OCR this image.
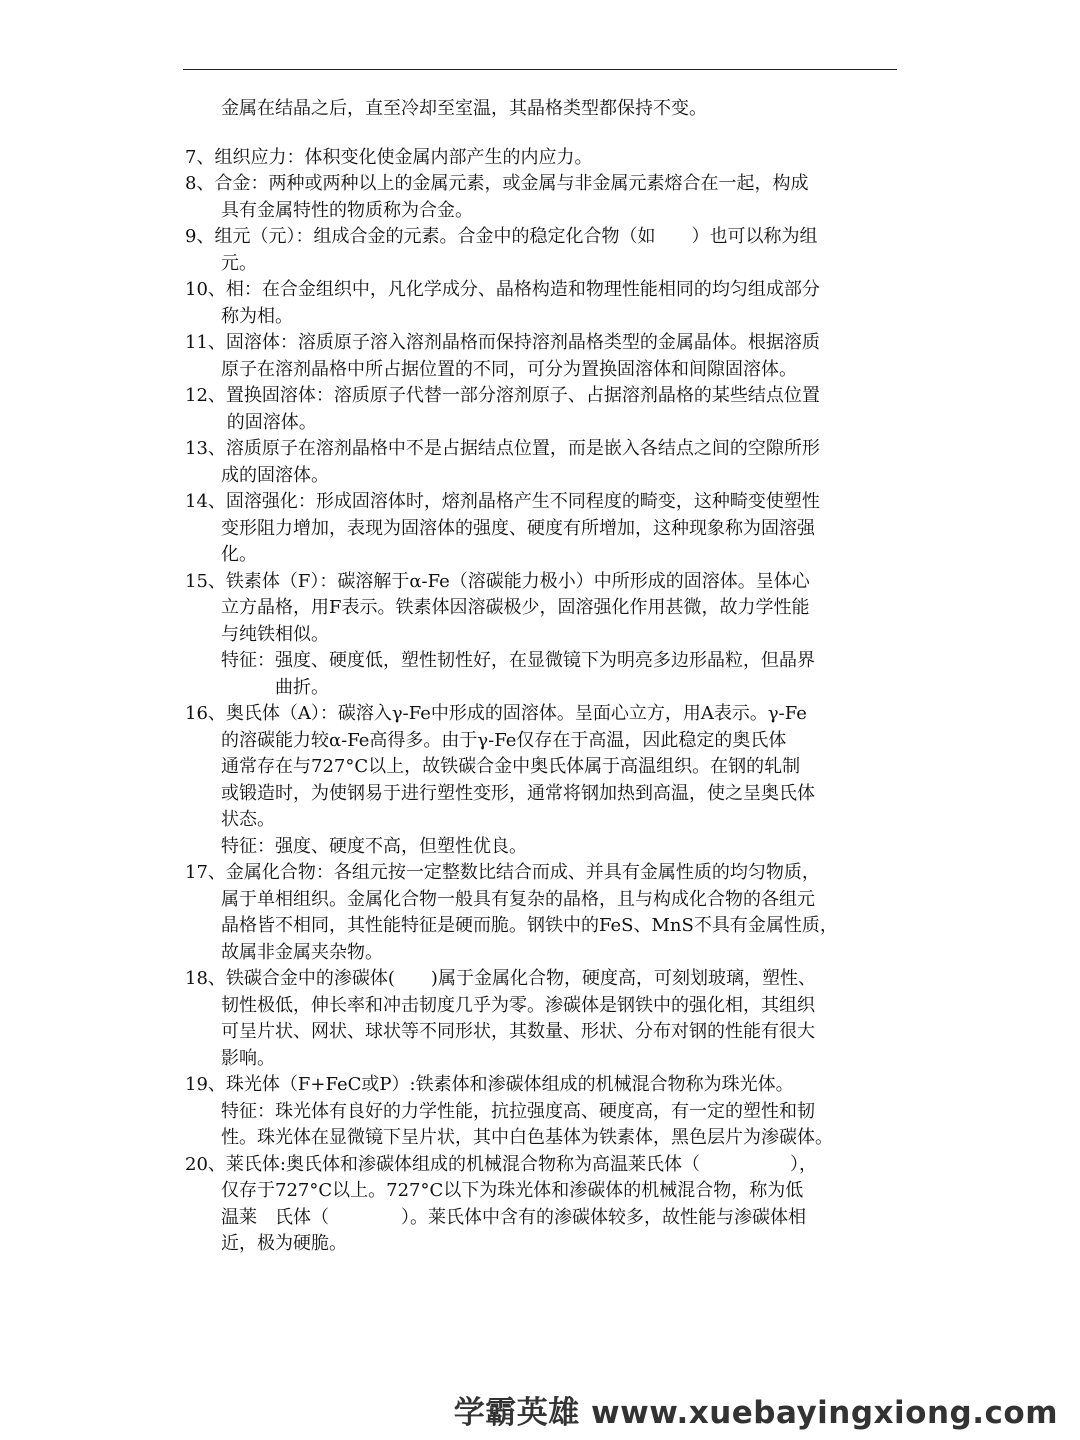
　　金属在结晶之后，直至冷却至室温，其晶格类型都保持不变。
7、组织应力：体积变化使金属内部产生的内应力。
8、合金：两种或两种以上的金属元素，或金属与非金属元素熔合在一起，构成
　　具有金属特性的物质称为合金。
9、组元（元）：组成合金的元素。合金中的稳定化合物（如　　）也可以称为组
　　元。
10、相：在合金组织中，凡化学成分、晶格构造和物理性能相同的均匀组成部分
　　称为相。
11、固溶体：溶质原子溶入溶剂晶格而保持溶剂晶格类型的金属晶体。根据溶质
　　原子在溶剂晶格中所占据位置的不同，可分为置换固溶体和间隙固溶体。
12、置换固溶体：溶质原子代替一部分溶剂原子、占据溶剂晶格的某些结点位置
　　 的固溶体。
13、溶质原子在溶剂晶格中不是占据结点位置，而是嵌入各结点之间的空隙所形
　　成的固溶体。
14、固溶强化：形成固溶体时，熔剂晶格产生不同程度的畸变，这种畸变使塑性
　　变形阻力增加，表现为固溶体的强度、硬度有所增加，这种现象称为固溶强
　　化。
15、铁素体（F）：碳溶解于α-Fe（溶碳能力极小）中所形成的固溶体。呈体心
　　立方晶格，用F表示。铁素体因溶碳极少，固溶强化作用甚微，故力学性能
　　与纯铁相似。
　　特征：强度、硬度低，塑性韧性好，在显微镜下为明亮多边形晶粒，但晶界
　　　　　曲折。
16、奥氏体（A）：碳溶入γ-Fe中形成的固溶体。呈面心立方，用A表示。γ-Fe
　　的溶碳能力较α-Fe高得多。由于γ-Fe仅存在于高温，因此稳定的奥氏体
　　通常存在与727°C以上，故铁碳合金中奥氏体属于高温组织。在钢的轧制
　　或锻造时，为使钢易于进行塑性变形，通常将钢加热到高温，使之呈奥氏体
　　状态。
　　特征：强度、硬度不高，但塑性优良。
17、金属化合物：各组元按一定整数比结合而成、并具有金属性质的均匀物质，
　　属于单相组织。金属化合物一般具有复杂的晶格，且与构成化合物的各组元
　　晶格皆不相同，其性能特征是硬而脆。钢铁中的FeS、MnS不具有金属性质，
　　故属非金属夹杂物。
18、铁碳合金中的渗碳体(　　)属于金属化合物，硬度高，可刻划玻璃，塑性、
　　韧性极低，伸长率和冲击韧度几乎为零。渗碳体是钢铁中的强化相，其组织
　　可呈片状、网状、球状等不同形状，其数量、形状、分布对钢的性能有很大
　　影响。
19、珠光体（F+FeC或P）:铁素体和渗碳体组成的机械混合物称为珠光体。
　　特征：珠光体有良好的力学性能，抗拉强度高、硬度高，有一定的塑性和韧
　　性。珠光体在显微镜下呈片状，其中白色基体为铁素体，黑色层片为渗碳体。
20、莱氏体:奥氏体和渗碳体组成的机械混合物称为高温莱氏体（　　　　　），
　　仅存于727°C以上。727°C以下为珠光体和渗碳体的机械混合物，称为低
　　温莱　氏体（　　　　）。莱氏体中含有的渗碳体较多，故性能与渗碳体相
　　近，极为硬脆。
学霸英雄 www.xuebayingxiong.com
